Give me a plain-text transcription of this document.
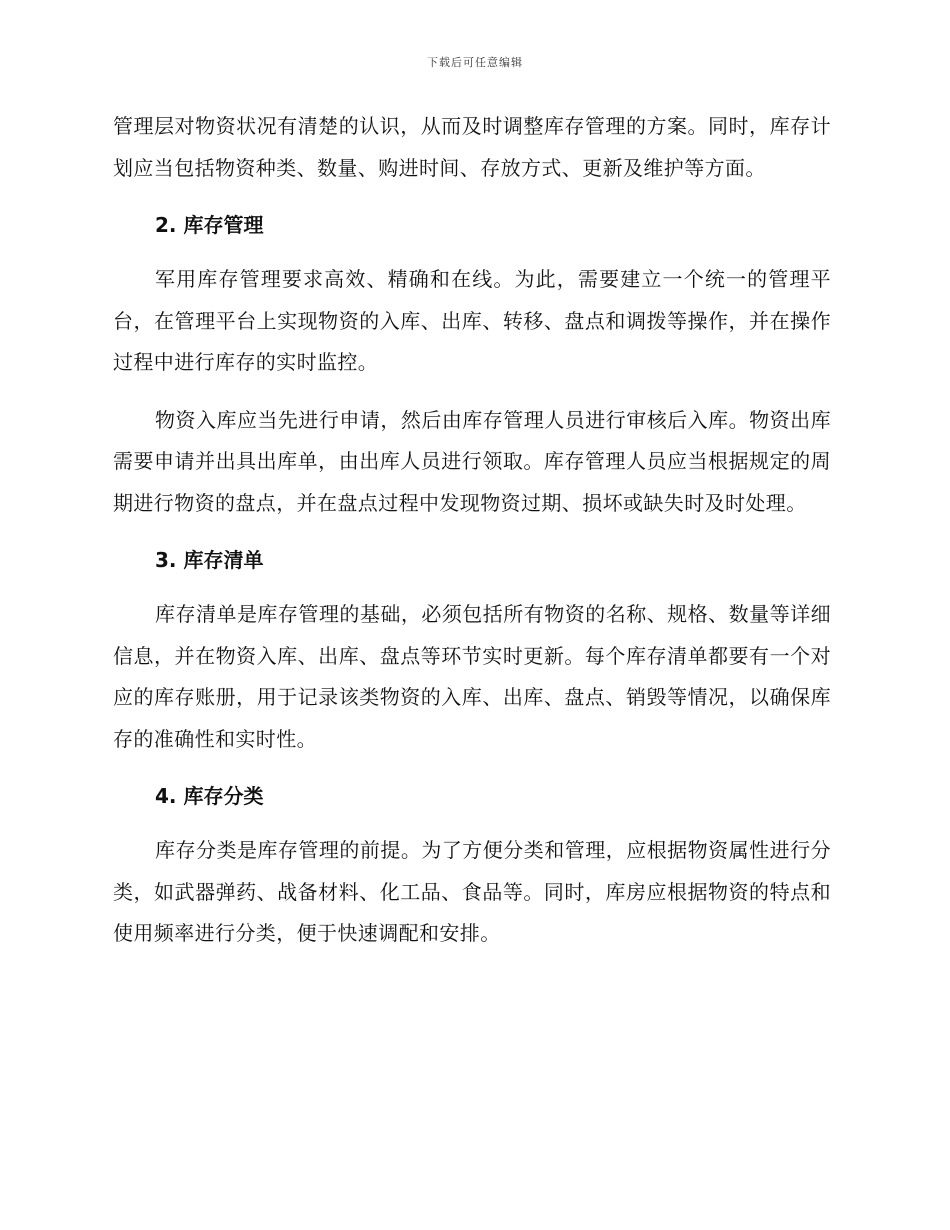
下载后可任意编辑

管理层对物资状况有清楚的认识，从而及时调整库存管理的方案。同时，库存计划应当包括物资种类、数量、购进时间、存放方式、更新及维护等方面。

2. 库存管理

军用库存管理要求高效、精确和在线。为此，需要建立一个统一的管理平台，在管理平台上实现物资的入库、出库、转移、盘点和调拨等操作，并在操作过程中进行库存的实时监控。

物资入库应当先进行申请，然后由库存管理人员进行审核后入库。物资出库需要申请并出具出库单，由出库人员进行领取。库存管理人员应当根据规定的周期进行物资的盘点，并在盘点过程中发现物资过期、损坏或缺失时及时处理。

3. 库存清单

库存清单是库存管理的基础，必须包括所有物资的名称、规格、数量等详细信息，并在物资入库、出库、盘点等环节实时更新。每个库存清单都要有一个对应的库存账册，用于记录该类物资的入库、出库、盘点、销毁等情况，以确保库存的准确性和实时性。

4. 库存分类

库存分类是库存管理的前提。为了方便分类和管理，应根据物资属性进行分类，如武器弹药、战备材料、化工品、食品等。同时，库房应根据物资的特点和使用频率进行分类，便于快速调配和安排。
